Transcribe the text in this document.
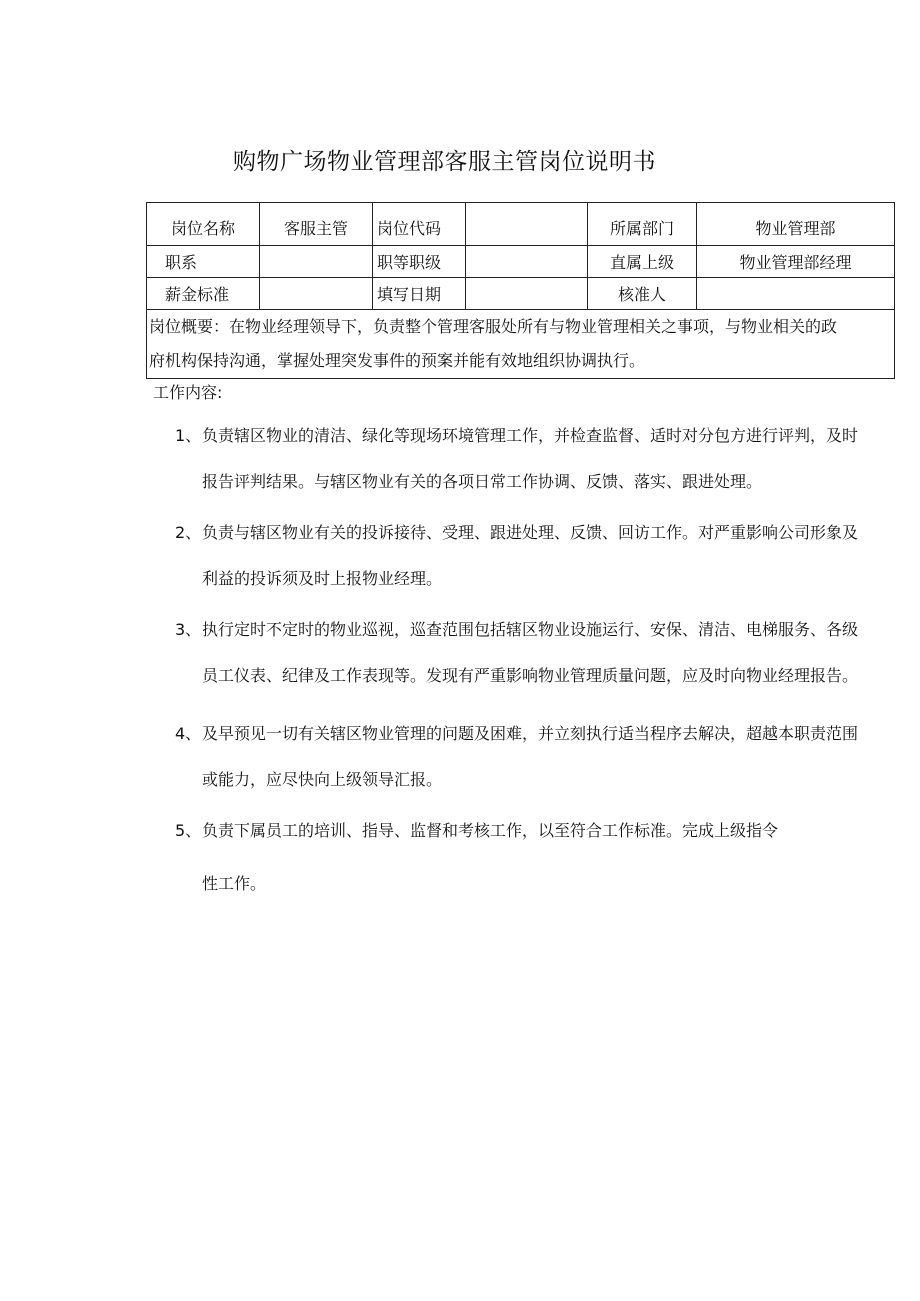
购物广场物业管理部客服主管岗位说明书
岗位名称	客服主管	岗位代码		所属部门	物业管理部
职系		职等职级		直属上级	物业管理部经理
薪金标准		填写日期		核准人	

岗位概要：在物业经理领导下，负责整个管理客服处所有与物业管理相关之事项，与物业相关的政
府机构保持沟通，掌握处理突发事件的预案并能有效地组织协调执行。					
工作内容:
1、负责辖区物业的清洁、绿化等现场环境管理工作，并检查监督、适时对分包方进行评判，及时
报告评判结果。与辖区物业有关的各项日常工作协调、反馈、落实、跟进处理。
2、负责与辖区物业有关的投诉接待、受理、跟进处理、反馈、回访工作。对严重影响公司形象及
利益的投诉须及时上报物业经理。
3、执行定时不定时的物业巡视，巡查范围包括辖区物业设施运行、安保、清洁、电梯服务、各级
员工仪表、纪律及工作表现等。发现有严重影响物业管理质量问题，应及时向物业经理报告。
4、及早预见一切有关辖区物业管理的问题及困难，并立刻执行适当程序去解决，超越本职责范围
或能力，应尽快向上级领导汇报。
5、负责下属员工的培训、指导、监督和考核工作，以至符合工作标准。完成上级指令
性工作。
